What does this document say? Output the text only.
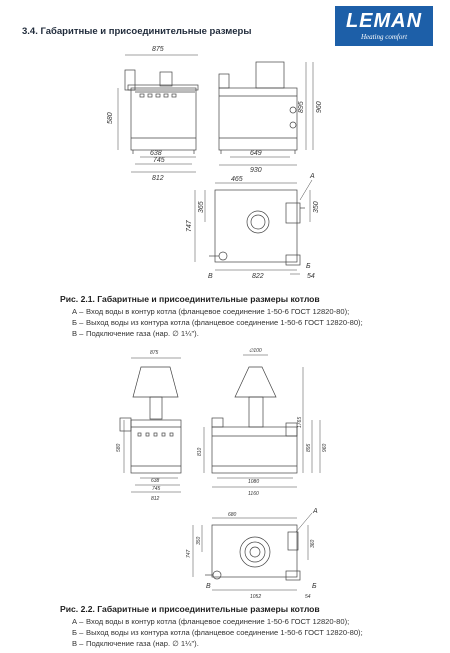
3.4. Габаритные и присоединительные размеры	LEMAN
Heating comfort
875
580
638
745
812
895 960
649
930
465
747
365	350
822	54
А
Б
В
875
580
638
745
812
∅100
1765
810	895 960
1080
1160
680
747
350	360
1052	54
А
Б
В
Рис. 2.1. Габаритные и присоединительные размеры котлов
А – Вход воды в контур котла (фланцевое соединение 1-50-6 ГОСТ 12820-80);
Б – Выход воды из контура котла (фланцевое соединение 1-50-6 ГОСТ 12820-80);
В – Подключение газа (нар. ∅ 1¼").
Рис. 2.2. Габаритные и присоединительные размеры котлов
А – Вход воды в контур котла (фланцевое соединение 1-50-6 ГОСТ 12820-80);
Б – Выход воды из контура котла (фланцевое соединение 1-50-6 ГОСТ 12820-80);
В – Подключение газа (нар. ∅ 1¼").
